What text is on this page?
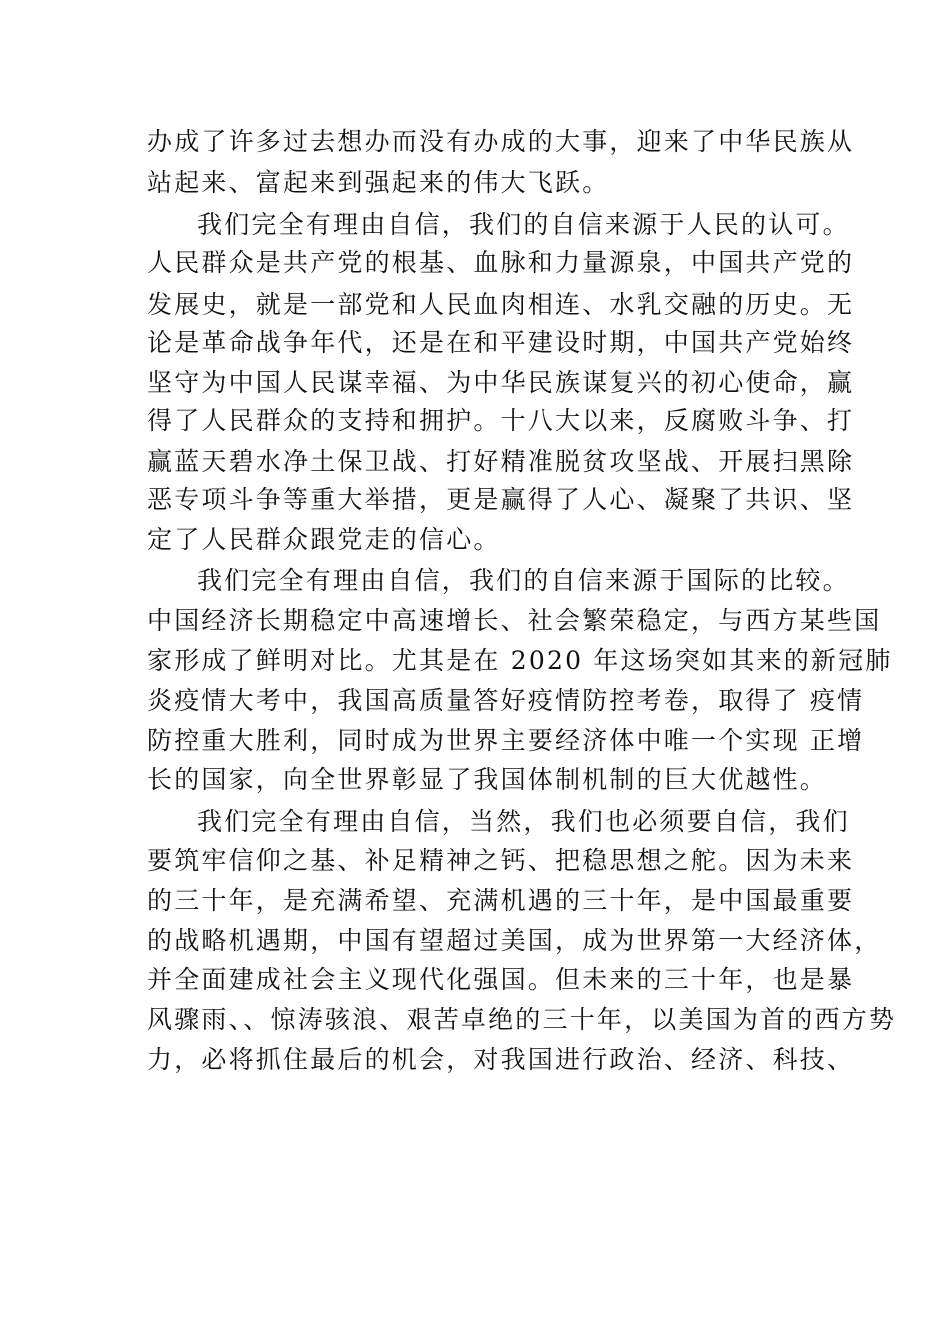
办成了许多过去想办而没有办成的大事，迎来了中华民族从
站起来、富起来到强起来的伟大飞跃。
我们完全有理由自信，我们的自信来源于人民的认可。
人民群众是共产党的根基、血脉和力量源泉，中国共产党的
发展史，就是一部党和人民血肉相连、水乳交融的历史。无
论是革命战争年代，还是在和平建设时期，中国共产党始终
坚守为中国人民谋幸福、为中华民族谋复兴的初心使命，赢
得了人民群众的支持和拥护。十八大以来，反腐败斗争、打
赢蓝天碧水净土保卫战、打好精准脱贫攻坚战、开展扫黑除
恶专项斗争等重大举措，更是赢得了人心、凝聚了共识、坚
定了人民群众跟党走的信心。
我们完全有理由自信，我们的自信来源于国际的比较。
中国经济长期稳定中高速增长、社会繁荣稳定，与西方某些国
家形成了鲜明对比。尤其是在 2020 年这场突如其来的新冠肺
炎疫情大考中，我国高质量答好疫情防控考卷，取得了 疫情
防控重大胜利，同时成为世界主要经济体中唯一个实现 正增
长的国家，向全世界彰显了我国体制机制的巨大优越性。
我们完全有理由自信，当然，我们也必须要自信，我们
要筑牢信仰之基、补足精神之钙、把稳思想之舵。因为未来
的三十年，是充满希望、充满机遇的三十年，是中国最重要
的战略机遇期，中国有望超过美国，成为世界第一大经济体，
并全面建成社会主义现代化强国。但未来的三十年，也是暴
风骤雨、、惊涛骇浪、艰苦卓绝的三十年，以美国为首的西方势
力，必将抓住最后的机会，对我国进行政治、经济、科技、
